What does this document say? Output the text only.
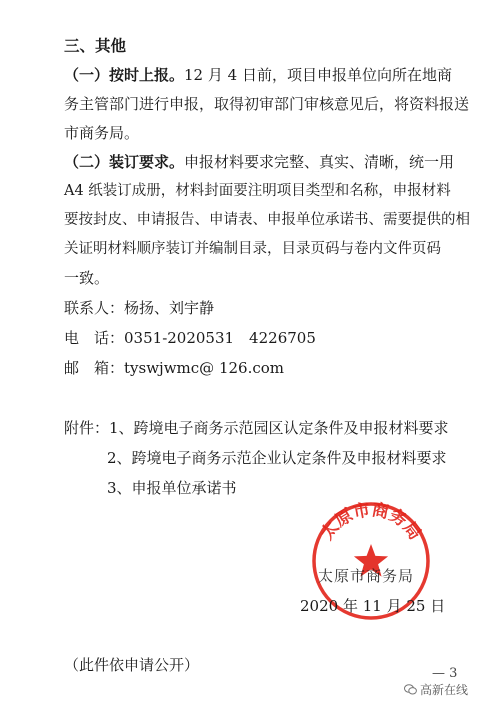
三、其他
（一）按时上报。12 月 4 日前，项目申报单位向所在地商
务主管部门进行申报，取得初审部门审核意见后，将资料报送
市商务局。
（二）装订要求。申报材料要求完整、真实、清晰，统一用
A4 纸装订成册，材料封面要注明项目类型和名称，申报材料
要按封皮、申请报告、申请表、申报单位承诺书、需要提供的相
关证明材料顺序装订并编制目录，目录页码与卷内文件页码
一致。
联系人：杨扬、刘宇静
电　话：0351-2020531　4226705
邮　箱：tyswjwmc@ 126.com
附件：1、跨境电子商务示范园区认定条件及申报材料要求
2、跨境电子商务示范企业认定条件及申报材料要求
3、申报单位承诺书
太原市商务局
太原市商务局
2020 年 11 月 25 日
（此件依申请公开）	— 3
高新在线
